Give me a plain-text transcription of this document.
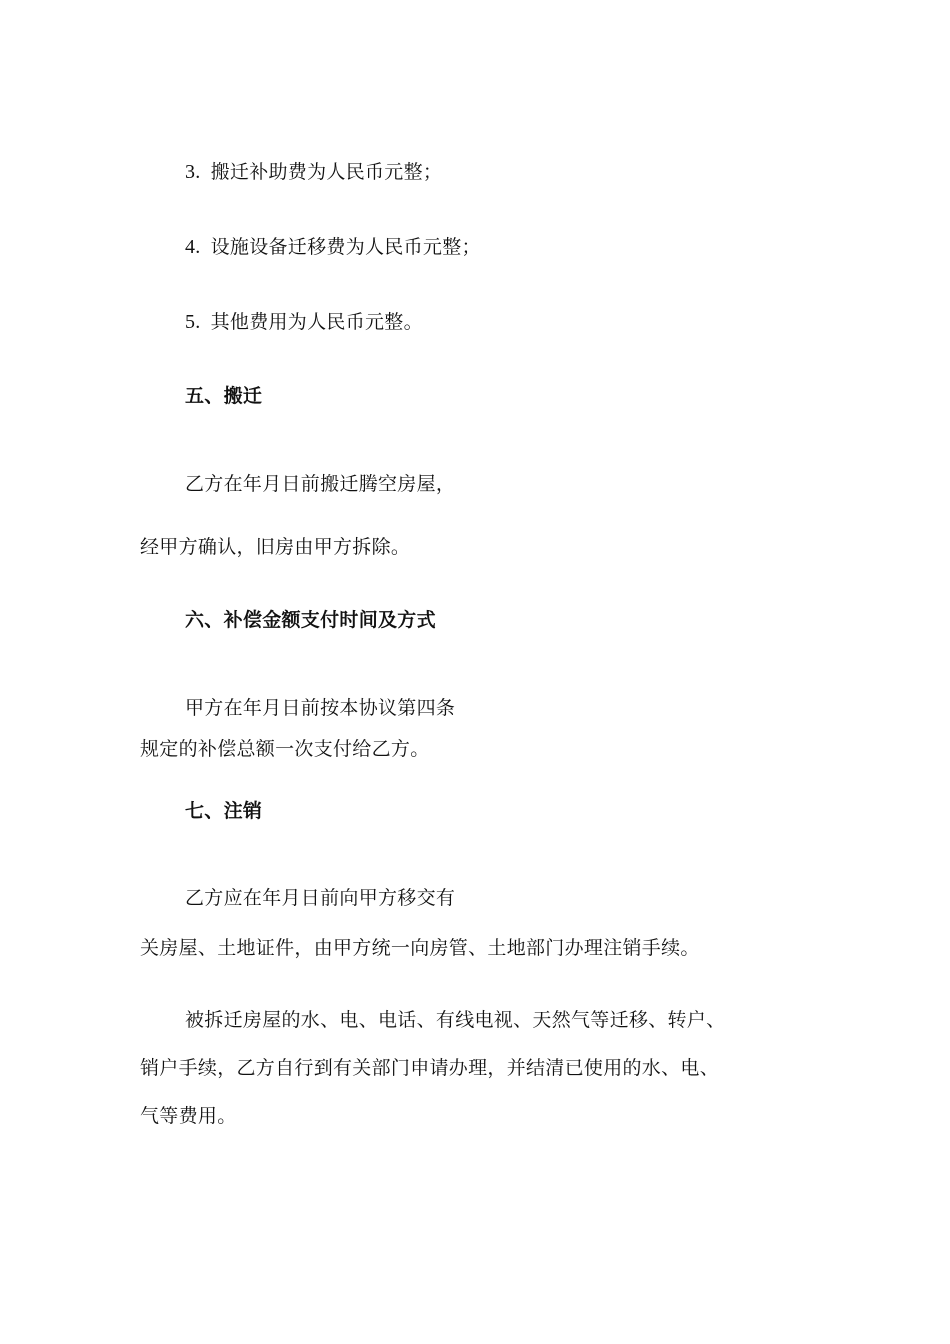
3. 搬迁补助费为人民币元整；
4. 设施设备迁移费为人民币元整；
5. 其他费用为人民币元整。
五、搬迁
乙方在年月日前搬迁腾空房屋，
经甲方确认，旧房由甲方拆除。
六、补偿金额支付时间及方式
甲方在年月日前按本协议第四条
规定的补偿总额一次支付给乙方。
七、注销
乙方应在年月日前向甲方移交有
关房屋、土地证件，由甲方统一向房管、土地部门办理注销手续。
被拆迁房屋的水、电、电话、有线电视、天然气等迁移、转户、
销户手续，乙方自行到有关部门申请办理，并结清已使用的水、电、
气等费用。
